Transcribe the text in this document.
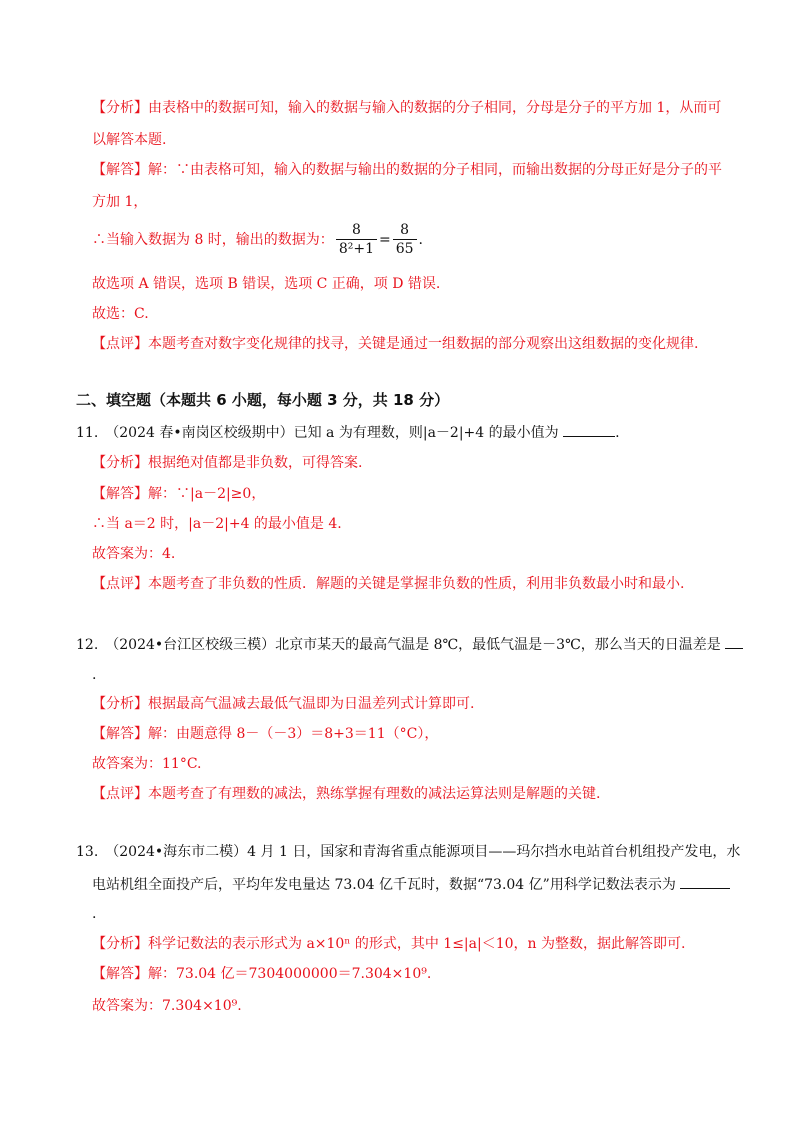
【分析】由表格中的数据可知，输入的数据与输入的数据的分子相同，分母是分子的平方加 1，从而可
以解答本题.
【解答】解：∵由表格可知，输入的数据与输出的数据的分子相同，而输出数据的分母正好是分子的平
方加 1，
∴当输入数据为 8 时，输出的数据为： $\frac{8}{\text{8²+1}} = \frac{8}{65}$ .
故选项 A 错误，选项 B 错误，选项 C 正确，项 D 错误.
故选：C.
【点评】本题考查对数字变化规律的找寻，关键是通过一组数据的部分观察出这组数据的变化规律.
二、填空题（本题共 6 小题，每小题 3 分，共 18 分）
11.　（2024 春•南岗区校级期中）已知 a 为有理数，则|a－2|+4 的最小值为	.
【分析】根据绝对值都是非负数，可得答案.
【解答】解：∵|a－2|≥0，
∴当 a＝2 时，|a－2|+4 的最小值是 4.
故答案为：4.
【点评】本题考查了非负数的性质．解题的关键是掌握非负数的性质，利用非负数最小时和最小.
12.　（2024•台江区校级三模）北京市某天的最高气温是 8℃，最低气温是－3℃，那么当天的日温差是
.
【分析】根据最高气温减去最低气温即为日温差列式计算即可.
【解答】解：由题意得 8－（－3）＝8+3＝11（°C），
故答案为：11°C.
【点评】本题考查了有理数的减法，熟练掌握有理数的减法运算法则是解题的关键.
13.　（2024•海东市二模）4 月 1 日，国家和青海省重点能源项目——玛尔挡水电站首台机组投产发电，水
电站机组全面投产后，平均年发电量达 73.04 亿千瓦时，数据“73.04 亿”用科学记数法表示为
.
【分析】科学记数法的表示形式为 a×10ⁿ 的形式，其中 1≤|a|＜10，n 为整数，据此解答即可.
【解答】解：73.04 亿＝7304000000＝7.304×10⁹.
故答案为：7.304×10⁹.
